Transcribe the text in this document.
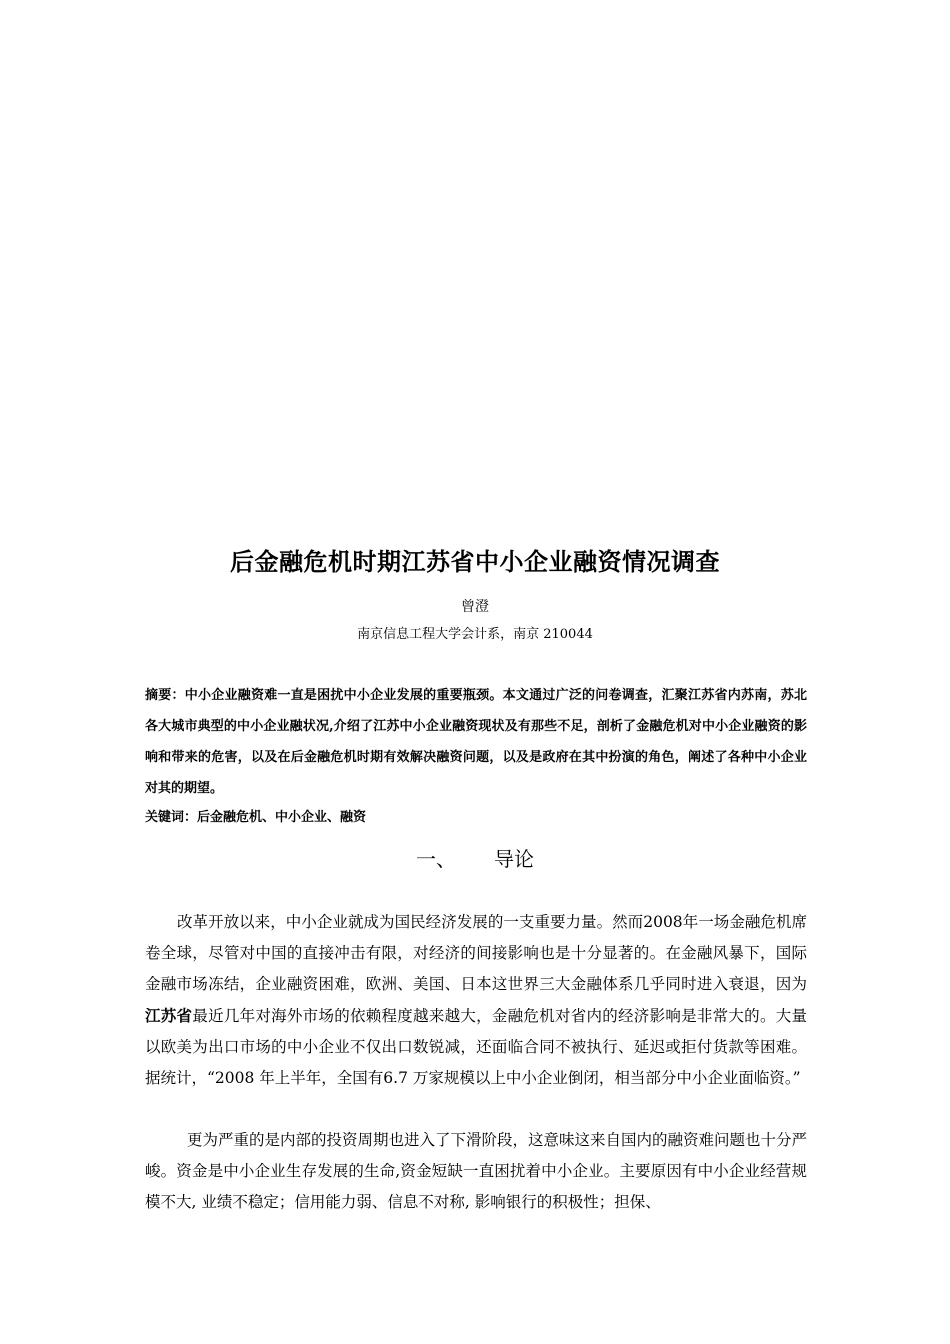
后金融危机时期江苏省中小企业融资情况调查
曾澄
南京信息工程大学会计系，南京 210044
摘要：中小企业融资难一直是困扰中小企业发展的重要瓶颈。本文通过广泛的问卷调查，汇聚江苏省内苏南，苏北各大城市典型的中小企业融状况,介绍了江苏中小企业融资现状及有那些不足，剖析了金融危机对中小企业融资的影响和带来的危害，以及在后金融危机时期有效解决融资问题，以及是政府在其中扮演的角色，阐述了各种中小企业对其的期望。
关键词：后金融危机、中小企业、融资
一、 导论
改革开放以来，中小企业就成为国民经济发展的一支重要力量。然而2008年一场金融危机席卷全球，尽管对中国的直接冲击有限，对经济的间接影响也是十分显著的。在金融风暴下，国际金融市场冻结，企业融资困难，欧洲、美国、日本这世界三大金融体系几乎同时进入衰退，因为江苏省最近几年对海外市场的依赖程度越来越大，金融危机对省内的经济影响是非常大的。大量以欧美为出口市场的中小企业不仅出口数锐减，还面临合同不被执行、延迟或拒付货款等困难。据统计，“2008 年上半年，全国有6.7 万家规模以上中小企业倒闭，相当部分中小企业面临资。”
更为严重的是内部的投资周期也进入了下滑阶段，这意味这来自国内的融资难问题也十分严峻。资金是中小企业生存发展的生命,资金短缺一直困扰着中小企业。主要原因有中小企业经营规模不大, 业绩不稳定；信用能力弱、信息不对称, 影响银行的积极性；担保、
